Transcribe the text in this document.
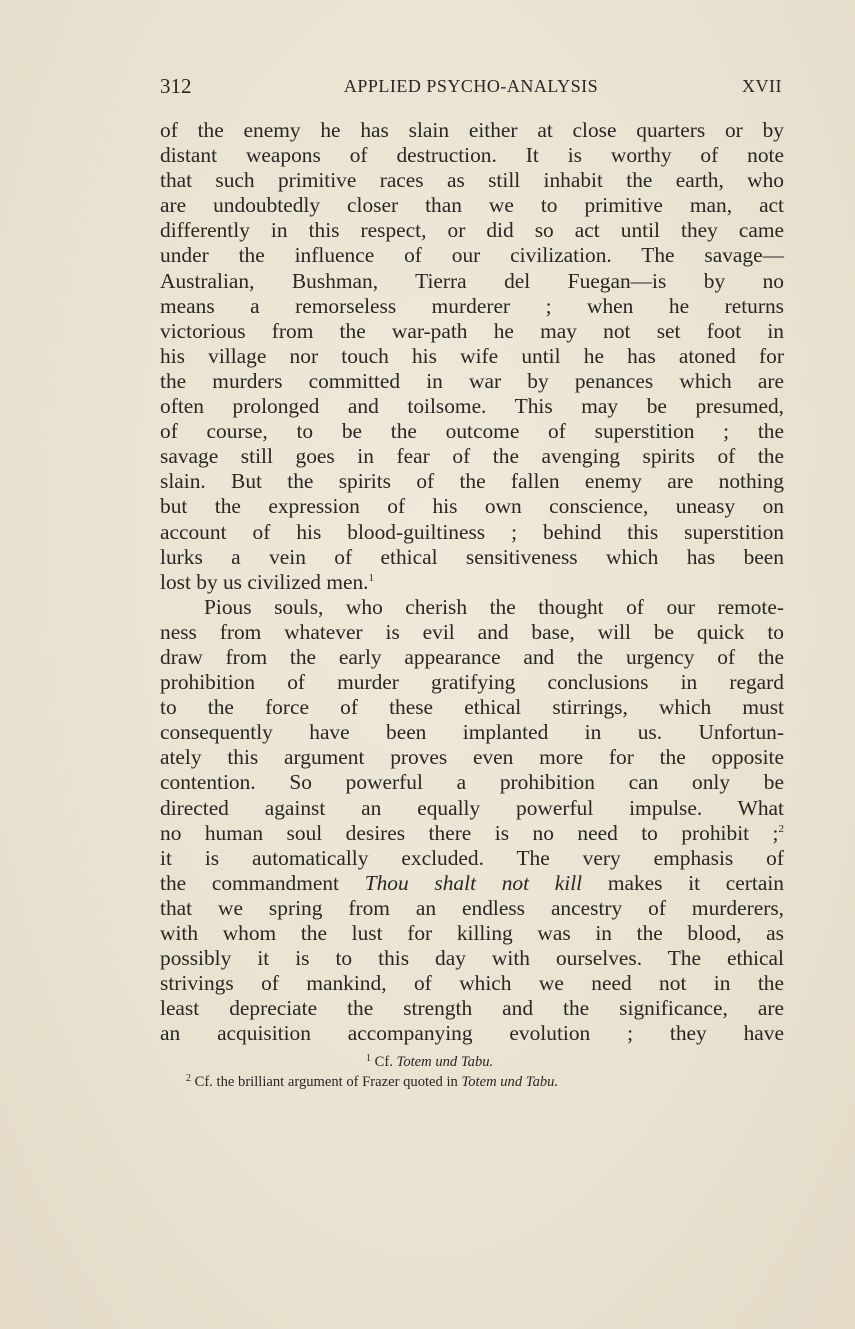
312	APPLIED PSYCHO-ANALYSIS	XVII
of the enemy he has slain either at close quarters or by
distant weapons of destruction. It is worthy of note
that such primitive races as still inhabit the earth, who
are undoubtedly closer than we to primitive man, act
differently in this respect, or did so act until they came
under the influence of our civilization. The savage—
Australian, Bushman, Tierra del Fuegan—is by no
means a remorseless murderer ; when he returns
victorious from the war-path he may not set foot in
his village nor touch his wife until he has atoned for
the murders committed in war by penances which are
often prolonged and toilsome. This may be presumed,
of course, to be the outcome of superstition ; the
savage still goes in fear of the avenging spirits of the
slain. But the spirits of the fallen enemy are nothing
but the expression of his own conscience, uneasy on
account of his blood-guiltiness ; behind this superstition
lurks a vein of ethical sensitiveness which has been
lost by us civilized men.$^1$
Pious souls, who cherish the thought of our remote-
ness from whatever is evil and base, will be quick to
draw from the early appearance and the urgency of the
prohibition of murder gratifying conclusions in regard
to the force of these ethical stirrings, which must
consequently have been implanted in us. Unfortun-
ately this argument proves even more for the opposite
contention. So powerful a prohibition can only be
directed against an equally powerful impulse. What
no human soul desires there is no need to prohibit ;$^2$
it is automatically excluded. The very emphasis of
the commandment Thou shalt not kill makes it certain
that we spring from an endless ancestry of murderers,
with whom the lust for killing was in the blood, as
possibly it is to this day with ourselves. The ethical
strivings of mankind, of which we need not in the
least depreciate the strength and the significance, are
an acquisition accompanying evolution ; they have
$^1$ Cf. Totem und Tabu.
$^2$ Cf. the brilliant argument of Frazer quoted in Totem und Tabu.
